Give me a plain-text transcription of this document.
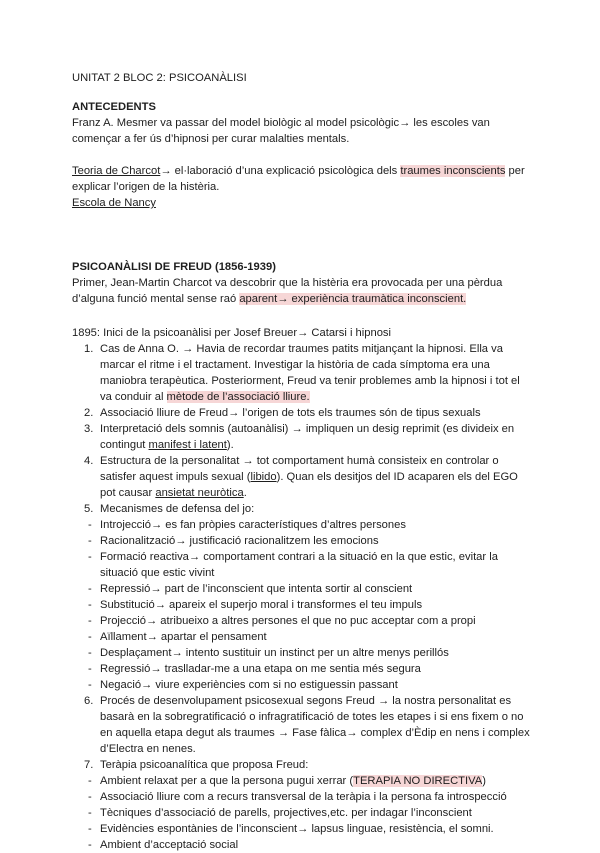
UNITAT 2 BLOC 2: PSICOANÀLISI
ANTECEDENTS
Franz A. Mesmer va passar del model biològic al model psicològic→ les escoles van començar a fer ús d’hipnosi per curar malalties mentals.
Teoria de Charcot→ el·laboració d’una explicació psicològica dels traumes inconscients per explicar l’origen de la histèria.
Escola de Nancy
PSICOANÀLISI DE FREUD (1856-1939)
Primer, Jean-Martin Charcot va descobrir que la histèria era provocada per una pèrdua d’alguna funció mental sense raó aparent→ experiència traumàtica inconscient.
1895: Inici de la psicoanàlisi per Josef Breuer→ Catarsi i hipnosi
1. Cas de Anna O. → Havia de recordar traumes patits mitjançant la hipnosi. Ella va marcar el ritme i el tractament. Investigar la història de cada símptoma era una maniobra terapèutica. Posteriorment, Freud va tenir problemes amb la hipnosi i tot el va conduir al mètode de l’associació lliure.
2. Associació lliure de Freud→ l’origen de tots els traumes són de tipus sexuals
3. Interpretació dels somnis (autoanàlisi) → impliquen un desig reprimit (es divideix en contingut manifest i latent).
4. Estructura de la personalitat → tot comportament humà consisteix en controlar o satisfer aquest impuls sexual (libido). Quan els desitjos del ID acaparen els del EGO pot causar ansietat neuròtica.
5. Mecanismes de defensa del jo:
- Introjecció→ es fan pròpies característiques d’altres persones
- Racionalització→ justificació racionalitzem les emocions
- Formació reactiva→ comportament contrari a la situació en la que estic, evitar la situació que estic vivint
- Repressió→ part de l’inconscient que intenta sortir al conscient
- Substitució→ apareix el superjo moral i transformes el teu impuls
- Projecció→ atribueixo a altres persones el que no puc acceptar com a propi
- Aïllament→ apartar el pensament
- Desplaçament→ intento sustituir un instinct per un altre menys perillós
- Regressió→ traslladar-me a una etapa on me sentia més segura
- Negació→ viure experiències com si no estiguessin passant
6. Procés de desenvolupament psicosexual segons Freud → la nostra personalitat es basarà en la sobregratificació o infragratificació de totes les etapes i si ens fixem o no en aquella etapa degut als traumes → Fase fàlica→ complex d’Èdip en nens i complex d’Electra en nenes.
7. Teràpia psicoanalítica que proposa Freud:
- Ambient relaxat per a que la persona pugui xerrar (TERAPIA NO DIRECTIVA)
- Associació lliure com a recurs transversal de la teràpia i la persona fa introspecció
- Tècniques d’associació de parells, projectives,etc. per indagar l’inconscient
- Evidències espontànies de l’inconscient→ lapsus linguae, resistència, el somni.
- Ambient d’acceptació social
